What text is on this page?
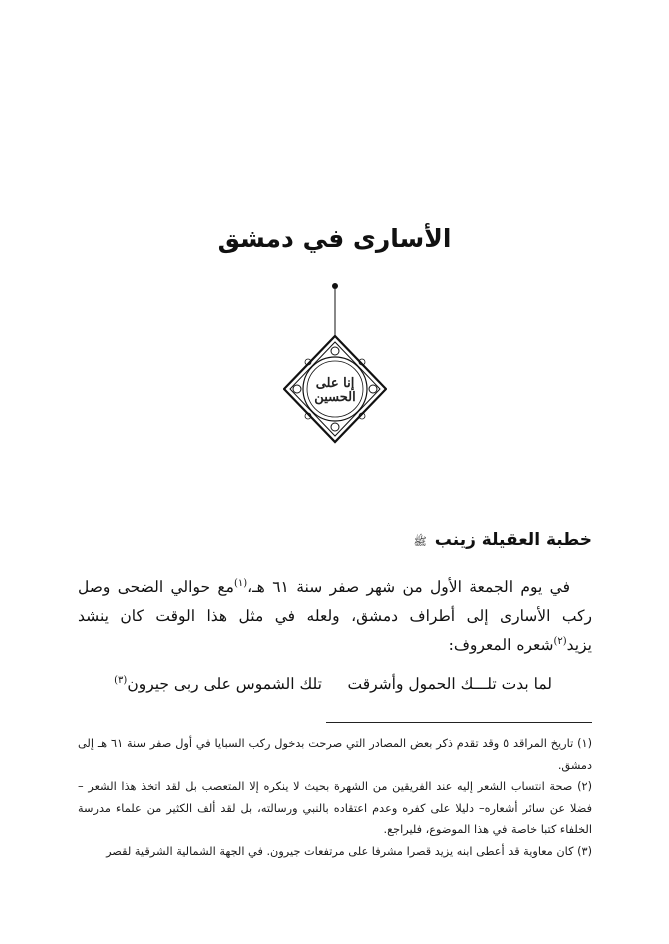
الأسارى في دمشق
إنا على الحسين
خطبة العقيلة زينب ﷺ

في يوم الجمعة الأول من شهر صفر سنة ٦١ هـ،$^{(١)}$مع حوالي الضحى وصل ركب الأسارى إلى أطراف دمشق، ولعله في مثل هذا الوقت كان ينشد يزيد$^{(٢)}$شعره المعروف:

لما بدت تلـــك الحمول وأشرقت
تلك الشموس على ربى جيرون$^{(٣)}$

(١) تاريخ المراقد ٥ وقد تقدم ذكر بعض المصادر التي صرحت بدخول ركب السبايا في أول صفر سنة ٦١ هـ إلى دمشق.

(٢) صحة انتساب الشعر إليه عند الفريقين من الشهرة بحيث لا ينكره إلا المتعصب بل لقد اتخذ هذا الشعر –فضلا عن سائر أشعاره– دليلا على كفره وعدم اعتقاده بالنبي ورسالته، بل لقد ألف الكثير من علماء مدرسة الخلفاء كتبا خاصة في هذا الموضوع، فليراجع.

(٣) كان معاوية قد أعطى ابنه يزيد قصرا مشرفا على مرتفعات جيرون. في الجهة الشمالية الشرقية لقصر
